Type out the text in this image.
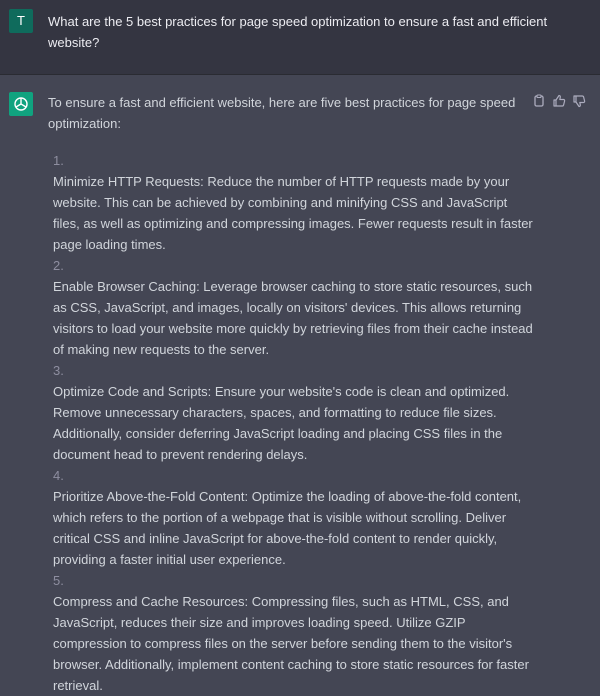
T	What are the 5 best practices for page speed optimization to ensure a fast and efficient website?

To ensure a fast and efficient website, here are five best practices for page speed optimization:

1.
Minimize HTTP Requests: Reduce the number of HTTP requests made by your website. This can be achieved by combining and minifying CSS and JavaScript files, as well as optimizing and compressing images. Fewer requests result in faster page loading times.
2.
Enable Browser Caching: Leverage browser caching to store static resources, such as CSS, JavaScript, and images, locally on visitors' devices. This allows returning visitors to load your website more quickly by retrieving files from their cache instead of making new requests to the server.
3.
Optimize Code and Scripts: Ensure your website's code is clean and optimized. Remove unnecessary characters, spaces, and formatting to reduce file sizes. Additionally, consider deferring JavaScript loading and placing CSS files in the document head to prevent rendering delays.
4.
Prioritize Above-the-Fold Content: Optimize the loading of above-the-fold content, which refers to the portion of a webpage that is visible without scrolling. Deliver critical CSS and inline JavaScript for above-the-fold content to render quickly, providing a faster initial user experience.
5.
Compress and Cache Resources: Compressing files, such as HTML, CSS, and JavaScript, reduces their size and improves loading speed. Utilize GZIP compression to compress files on the server before sending them to the visitor's browser. Additionally, implement content caching to store static resources for faster retrieval.
